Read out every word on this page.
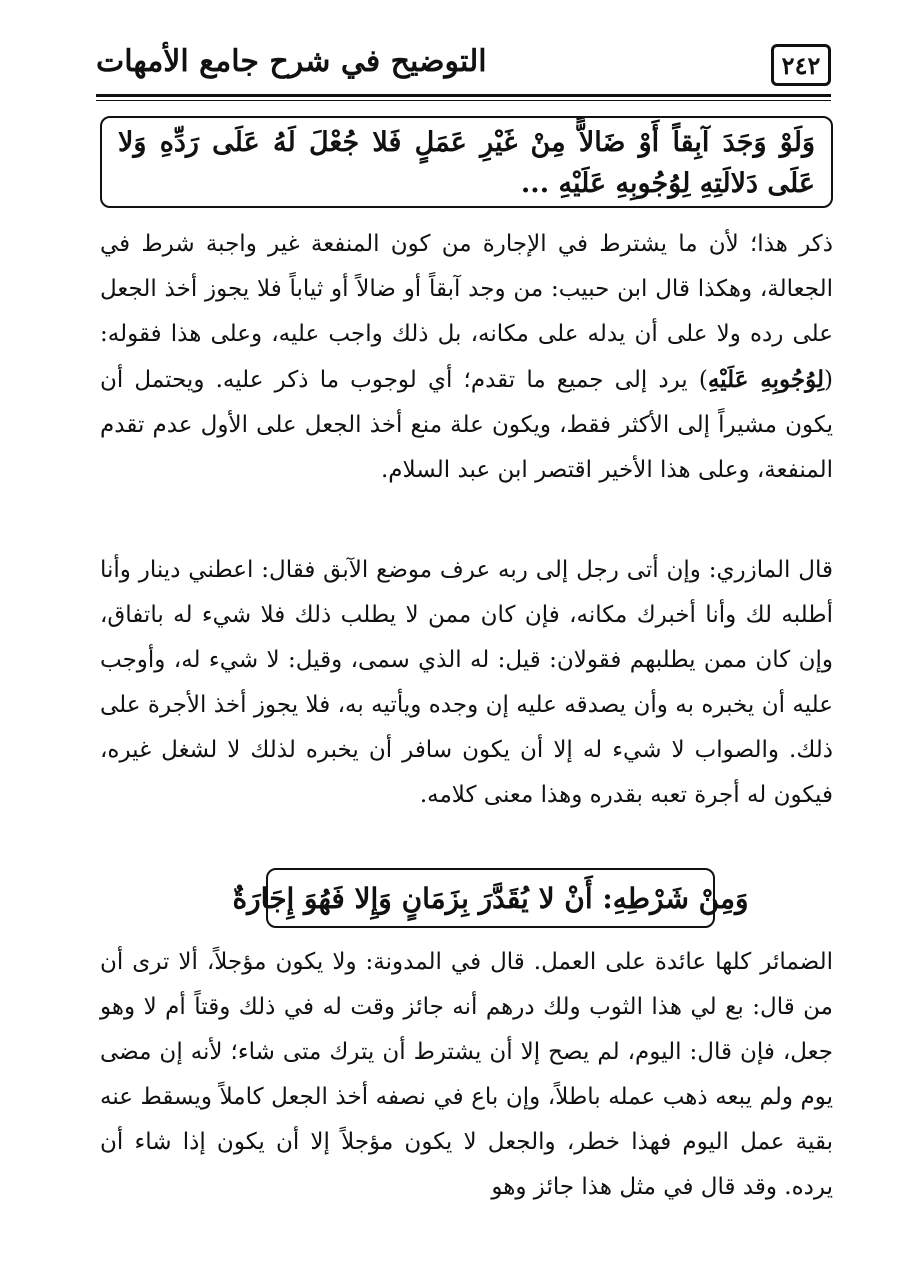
٢٤٢
التوضيح في شرح جامع الأمهات
وَلَوْ وَجَدَ آبِقاً أَوْ ضَالاًّ مِنْ غَيْرِ عَمَلٍ فَلا جُعْلَ لَهُ عَلَى رَدِّهِ وَلا عَلَى دَلالَتِهِ لِوُجُوبِهِ عَلَيْهِ ...
ذكر هذا؛ لأن ما يشترط في الإجارة من كون المنفعة غير واجبة شرط في الجعالة، وهكذا قال ابن حبيب: من وجد آبقاً أو ضالاً أو ثياباً فلا يجوز أخذ الجعل على رده ولا على أن يدله على مكانه، بل ذلك واجب عليه، وعلى هذا فقوله: (لِوُجُوبِهِ عَلَيْهِ) يرد إلى جميع ما تقدم؛ أي لوجوب ما ذكر عليه. ويحتمل أن يكون مشيراً إلى الأكثر فقط، ويكون علة منع أخذ الجعل على الأول عدم تقدم المنفعة، وعلى هذا الأخير اقتصر ابن عبد السلام.
قال المازري: وإن أتى رجل إلى ربه عرف موضع الآبق فقال: اعطني دينار وأنا أطلبه لك وأنا أخبرك مكانه، فإن كان ممن لا يطلب ذلك فلا شيء له باتفاق، وإن كان ممن يطلبهم فقولان: قيل: له الذي سمى، وقيل: لا شيء له، وأوجب عليه أن يخبره به وأن يصدقه عليه إن وجده ويأتيه به، فلا يجوز أخذ الأجرة على ذلك. والصواب لا شيء له إلا أن يكون سافر أن يخبره لذلك لا لشغل غيره، فيكون له أجرة تعبه بقدره وهذا معنى كلامه.
وَمِنْ شَرْطِهِ: أَنْ لا يُقَدَّرَ بِزَمَانٍ وَإِلا فَهُوَ إِجَارَةٌ
الضمائر كلها عائدة على العمل. قال في المدونة: ولا يكون مؤجلاً، ألا ترى أن من قال: بع لي هذا الثوب ولك درهم أنه جائز وقت له في ذلك وقتاً أم لا وهو جعل، فإن قال: اليوم، لم يصح إلا أن يشترط أن يترك متى شاء؛ لأنه إن مضى يوم ولم يبعه ذهب عمله باطلاً، وإن باع في نصفه أخذ الجعل كاملاً ويسقط عنه بقية عمل اليوم فهذا خطر، والجعل لا يكون مؤجلاً إلا أن يكون إذا شاء أن يرده. وقد قال في مثل هذا جائز وهو
